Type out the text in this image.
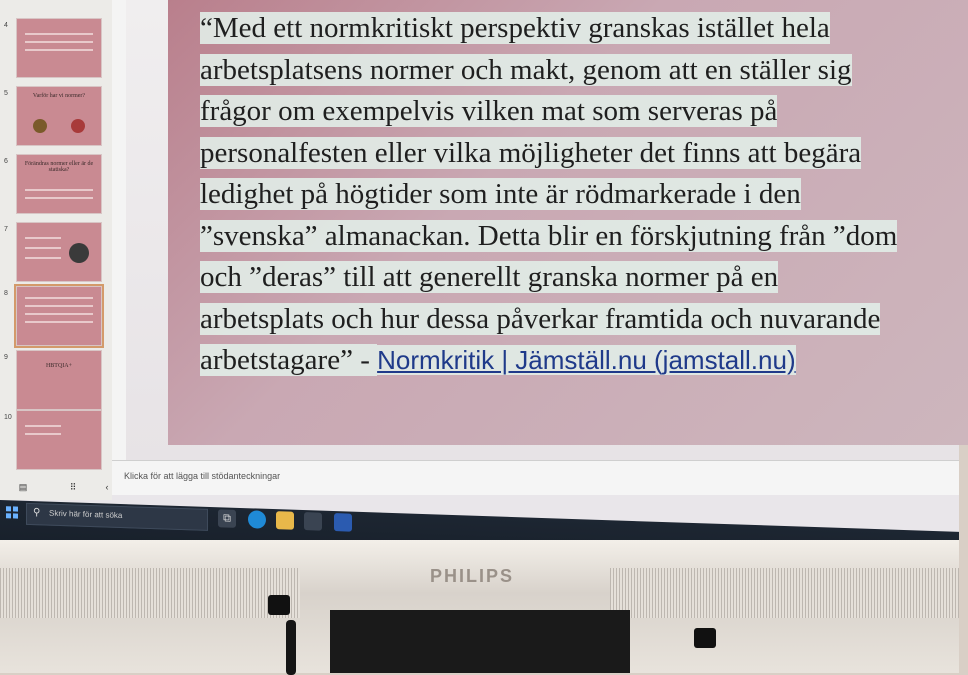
4
5	Varför har vi normer?
6	Förändras normer eller är de statiska?
7
8
9
HBTQIA+
10
“Med ett normkritiskt perspektiv granskas istället hela
arbetsplatsens normer och makt, genom att en ställer sig
frågor om exempelvis vilken mat som serveras på
personalfesten eller vilka möjligheter det finns att begära
ledighet på högtider som inte är rödmarkerade i den
”svenska” almanackan. Detta blir en förskjutning från ”dom
och ”deras” till att generellt granska normer på en
arbetsplats och hur dessa påverkar framtida och nuvarande
arbetstagare” - Normkritik | Jämställ.nu (jamstall.nu)
Klicka för att lägga till stödanteckningar
▤	⠿	‹
⚲ Skriv här för att söka	⧉
PHILIPS
